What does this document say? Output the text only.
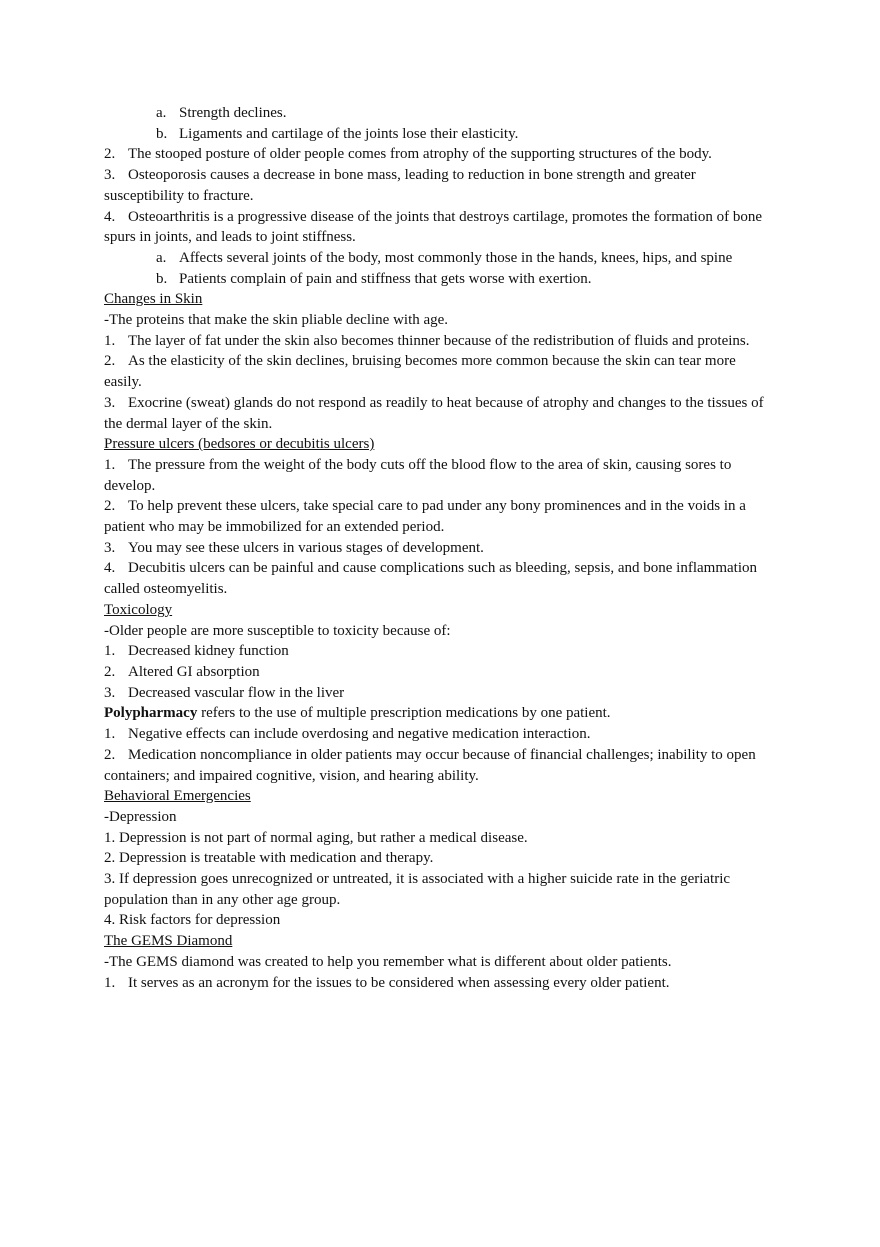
a. Strength declines.

b. Ligaments and cartilage of the joints lose their elasticity.

2. The stooped posture of older people comes from atrophy of the supporting structures of the body.

3. Osteoporosis causes a decrease in bone mass, leading to reduction in bone strength and greater susceptibility to fracture.

4. Osteoarthritis is a progressive disease of the joints that destroys cartilage, promotes the formation of bone spurs in joints, and leads to joint stiffness.

a. Affects several joints of the body, most commonly those in the hands, knees, hips, and spine

b. Patients complain of pain and stiffness that gets worse with exertion.

Changes in Skin

-The proteins that make the skin pliable decline with age.

1. The layer of fat under the skin also becomes thinner because of the redistribution of fluids and proteins.

2. As the elasticity of the skin declines, bruising becomes more common because the skin can tear more easily.

3. Exocrine (sweat) glands do not respond as readily to heat because of atrophy and changes to the tissues of the dermal layer of the skin.

Pressure ulcers (bedsores or decubitis ulcers)

1. The pressure from the weight of the body cuts off the blood flow to the area of skin, causing sores to develop.

2. To help prevent these ulcers, take special care to pad under any bony prominences and in the voids in a patient who may be immobilized for an extended period.

3. You may see these ulcers in various stages of development.

4. Decubitis ulcers can be painful and cause complications such as bleeding, sepsis, and bone inflammation called osteomyelitis.

Toxicology

-Older people are more susceptible to toxicity because of:

1. Decreased kidney function

2. Altered GI absorption

3. Decreased vascular flow in the liver

Polypharmacy refers to the use of multiple prescription medications by one patient.

1. Negative effects can include overdosing and negative medication interaction.

2. Medication noncompliance in older patients may occur because of financial challenges; inability to open containers; and impaired cognitive, vision, and hearing ability.

Behavioral Emergencies

-Depression

1. Depression is not part of normal aging, but rather a medical disease.

2. Depression is treatable with medication and therapy.

3. If depression goes unrecognized or untreated, it is associated with a higher suicide rate in the geriatric population than in any other age group.

4. Risk factors for depression

The GEMS Diamond

-The GEMS diamond was created to help you remember what is different about older patients.

1. It serves as an acronym for the issues to be considered when assessing every older patient.
